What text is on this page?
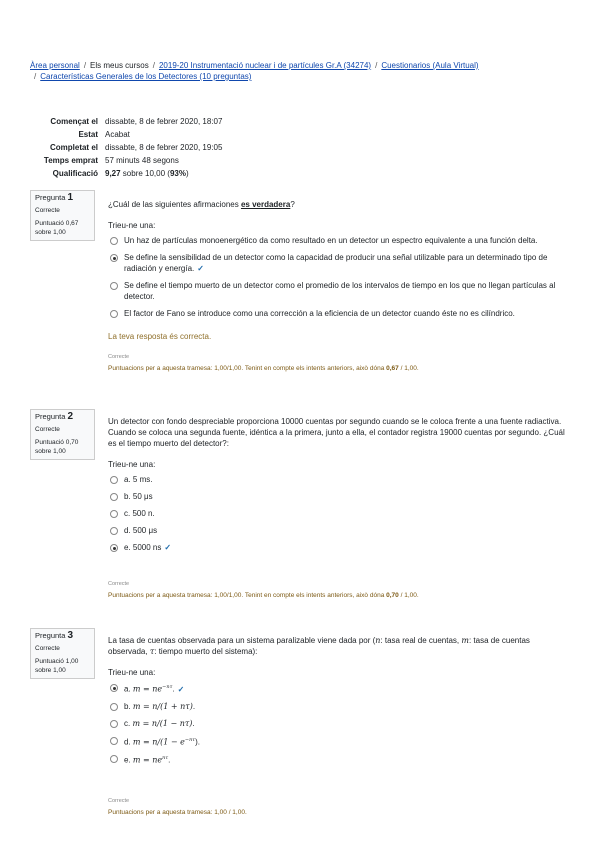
Àrea personal / Els meus cursos / 2019-20 Instrumentació nuclear i de partícules Gr.A (34274) / Cuestionarios (Aula Virtual)
/ Características Generales de los Detectores (10 preguntas)
Començat el dissabte, 8 de febrer 2020, 18:07
Estat Acabat
Completat el dissabte, 8 de febrer 2020, 19:05
Temps emprat 57 minuts 48 segons
Qualificació 9,27 sobre 10,00 (93%)
Pregunta 1
Correcte
Puntuació 0,67 sobre 1,00
¿Cuál de las siguientes afirmaciones es verdadera?
Trieu-ne una:
Un haz de partículas monoenergético da como resultado en un detector un espectro equivalente a una función delta.
Se define la sensibilidad de un detector como la capacidad de producir una señal utilizable para un determinado tipo de radiación y energía. ✓
Se define el tiempo muerto de un detector como el promedio de los intervalos de tiempo en los que no llegan partículas al detector.
El factor de Fano se introduce como una corrección a la eficiencia de un detector cuando éste no es cilíndrico.
La teva resposta és correcta.
Correcte
Puntuacions per a aquesta tramesa: 1,00/1,00. Tenint en compte els intents anteriors, això dóna 0,67 / 1,00.
Pregunta 2
Correcte
Puntuació 0,70 sobre 1,00
Un detector con fondo despreciable proporciona 10000 cuentas por segundo cuando se le coloca frente a una fuente radiactiva. Cuando se coloca una segunda fuente, idéntica a la primera, junto a ella, el contador registra 19000 cuentas por segundo. ¿Cuál es el tiempo muerto del detector?:
Trieu-ne una:
a. 5 ms.
b. 50 μs
c. 500 n.
d. 500 μs
e. 5000 ns ✓
Correcte
Puntuacions per a aquesta tramesa: 1,00/1,00. Tenint en compte els intents anteriors, això dóna 0,70 / 1,00.
Pregunta 3
Correcte
Puntuació 1,00 sobre 1,00
La tasa de cuentas observada para un sistema paralizable viene dada por (n: tasa real de cuentas, m: tasa de cuentas observada, τ: tiempo muerto del sistema):
Trieu-ne una:
a. $m = ne^{-n\tau}$. ✓
b. m = n/(1 + nτ).
c. m = n/(1 − nτ).
d. $m = n/(1 - e^{-n\tau})$.
e. $m = ne^{n\tau}$.
Correcte
Puntuacions per a aquesta tramesa: 1,00 / 1,00.
